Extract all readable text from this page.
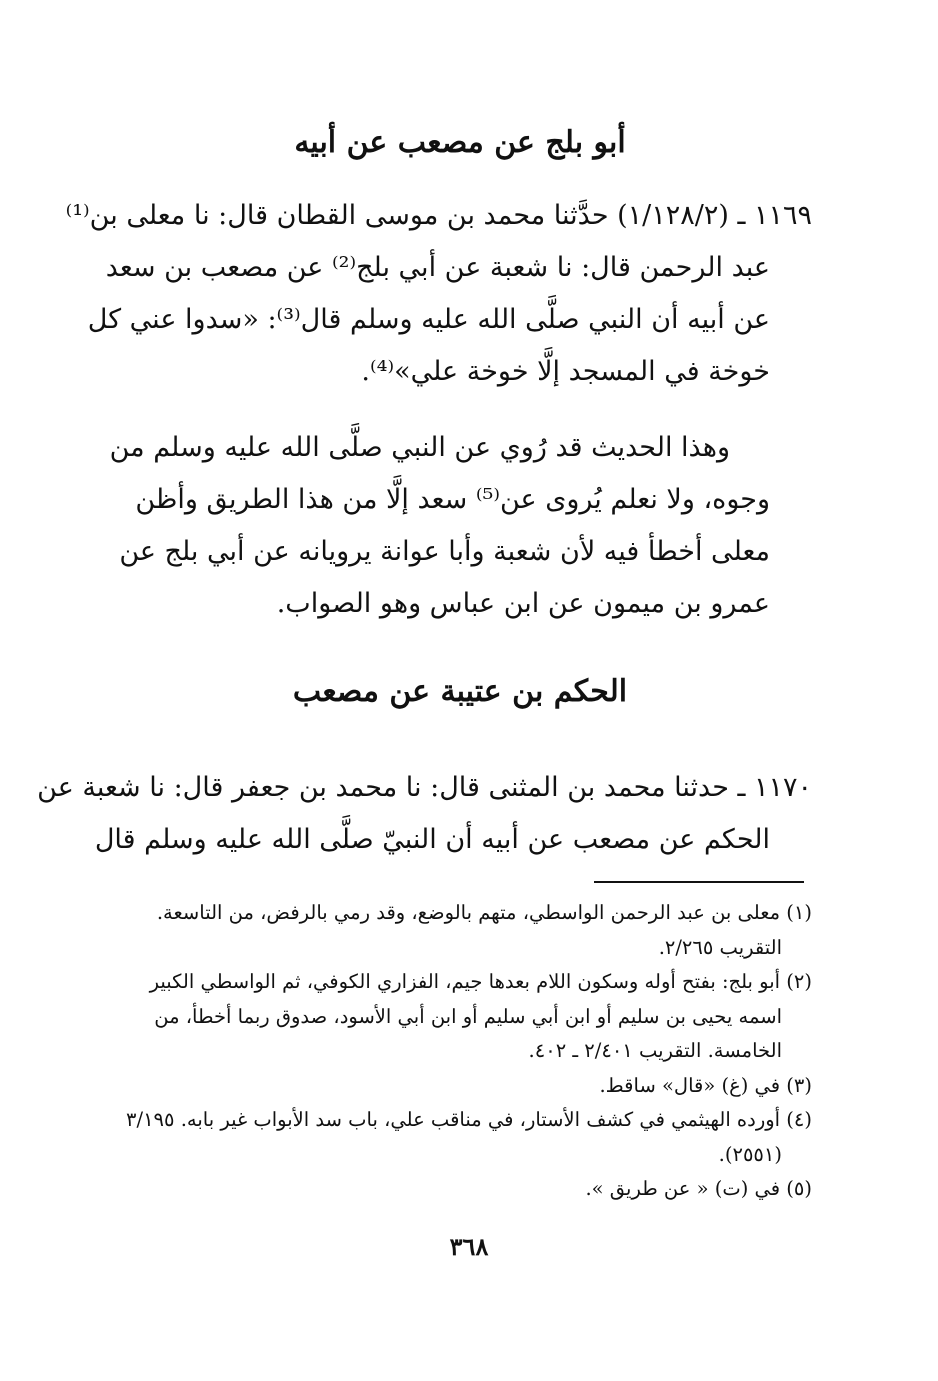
أبو بلج عن مصعب عن أبيه
١١٦٩ ـ (١/١٢٨/٢) حدَّثنا محمد بن موسى القطان قال: نا معلى بن⁽¹⁾
عبد الرحمن قال: نا شعبة عن أبي بلج⁽²⁾ عن مصعب بن سعد
عن أبيه أن النبي صلَّى الله عليه وسلم قال⁽³⁾: «سدوا عني كل
خوخة في المسجد إلَّا خوخة علي»⁽⁴⁾.
وهذا الحديث قد رُوي عن النبي صلَّى الله عليه وسلم من
وجوه، ولا نعلم يُروى عن⁽⁵⁾ سعد إلَّا من هذا الطريق وأظن
معلى أخطأ فيه لأن شعبة وأبا عوانة يرويانه عن أبي بلج عن
عمرو بن ميمون عن ابن عباس وهو الصواب.
الحكم بن عتيبة عن مصعب
١١٧٠ ـ حدثنا محمد بن المثنى قال: نا محمد بن جعفر قال: نا شعبة عن
الحكم عن مصعب عن أبيه أن النبيّ صلَّى الله عليه وسلم قال
(١) معلى بن عبد الرحمن الواسطي، متهم بالوضع، وقد رمي بالرفض، من التاسعة.
التقريب ٢/٢٦٥.
(٢) أبو بلج: بفتح أوله وسكون اللام بعدها جيم، الفزاري الكوفي، ثم الواسطي الكبير
اسمه يحيى بن سليم أو ابن أبي سليم أو ابن أبي الأسود، صدوق ربما أخطأ، من
الخامسة. التقريب ٢/٤٠١ ـ ٤٠٢.
(٣) في (غ) «قال» ساقط.
(٤) أورده الهيثمي في كشف الأستار، في مناقب علي، باب سد الأبواب غير بابه. ٣/١٩٥
(٢٥٥١).
(٥) في (ت) « عن طريق ».
٣٦٨
